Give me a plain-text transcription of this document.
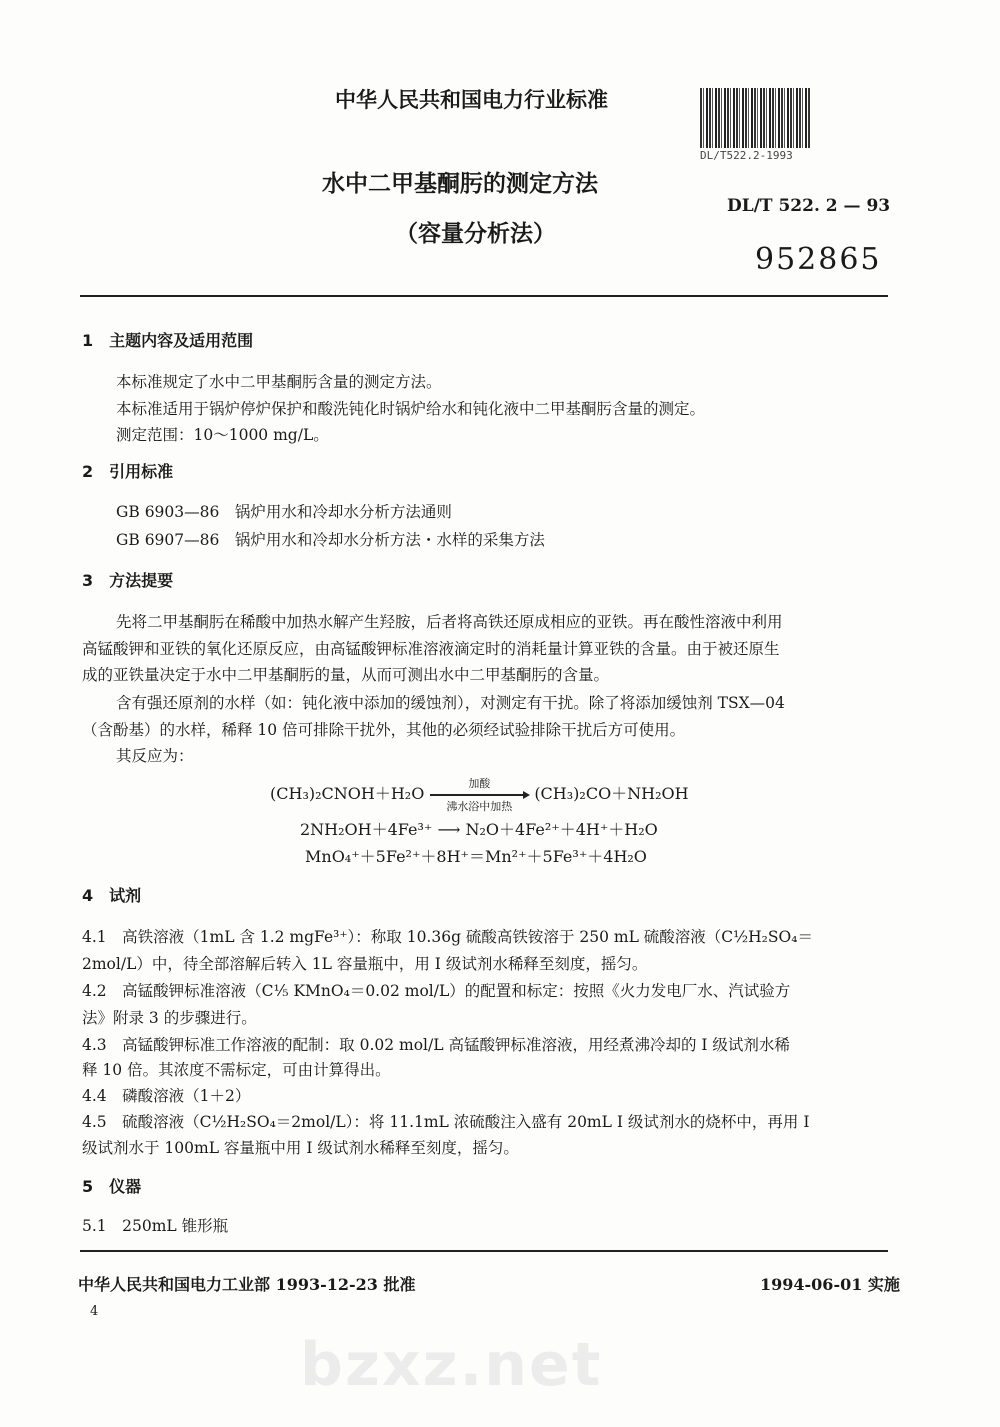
中华人民共和国电力行业标准
水中二甲基酮肟的测定方法
（容量分析法）
DL/T522.2-1993
DL/T 522. 2 — 93
952865
1　主题内容及适用范围
本标准规定了水中二甲基酮肟含量的测定方法。
本标准适用于锅炉停炉保护和酸洗钝化时锅炉给水和钝化液中二甲基酮肟含量的测定。
测定范围：10～1000 mg/L。
2　引用标准
GB 6903—86　锅炉用水和冷却水分析方法通则
GB 6907—86　锅炉用水和冷却水分析方法・水样的采集方法
3　方法提要
先将二甲基酮肟在稀酸中加热水解产生羟胺，后者将高铁还原成相应的亚铁。再在酸性溶液中利用
高锰酸钾和亚铁的氧化还原反应，由高锰酸钾标准溶液滴定时的消耗量计算亚铁的含量。由于被还原生
成的亚铁量决定于水中二甲基酮肟的量，从而可测出水中二甲基酮肟的含量。
含有强还原剂的水样（如：钝化液中添加的缓蚀剂），对测定有干扰。除了将添加缓蚀剂 TSX—04
（含酚基）的水样，稀释 10 倍可排除干扰外，其他的必须经试验排除干扰后方可使用。
其反应为：
(CH₃)₂CNOH＋H₂O
加酸
沸水浴中加热
(CH₃)₂CO＋NH₂OH
2NH₂OH＋4Fe³⁺ ⟶ N₂O＋4Fe²⁺＋4H⁺＋H₂O
MnO₄⁺＋5Fe²⁺＋8H⁺＝Mn²⁺＋5Fe³⁺＋4H₂O
4　试剂
4.1　高铁溶液（1mL 含 1.2 mgFe³⁺）：称取 10.36g 硫酸高铁铵溶于 250 mL 硫酸溶液（C½H₂SO₄＝
2mol/L）中，待全部溶解后转入 1L 容量瓶中，用 I 级试剂水稀释至刻度，摇匀。
4.2　高锰酸钾标准溶液（C⅕ KMnO₄＝0.02 mol/L）的配置和标定：按照《火力发电厂水、汽试验方
法》附录 3 的步骤进行。
4.3　高锰酸钾标准工作溶液的配制：取 0.02 mol/L 高锰酸钾标准溶液，用经煮沸冷却的 I 级试剂水稀
释 10 倍。其浓度不需标定，可由计算得出。
4.4　磷酸溶液（1＋2）
4.5　硫酸溶液（C½H₂SO₄＝2mol/L）：将 11.1mL 浓硫酸注入盛有 20mL I 级试剂水的烧杯中，再用 I
级试剂水于 100mL 容量瓶中用 I 级试剂水稀释至刻度，摇匀。
5　仪器
5.1　250mL 锥形瓶
中华人民共和国电力工业部 1993-12-23 批准	1994-06-01 实施
4
bzxz.net
